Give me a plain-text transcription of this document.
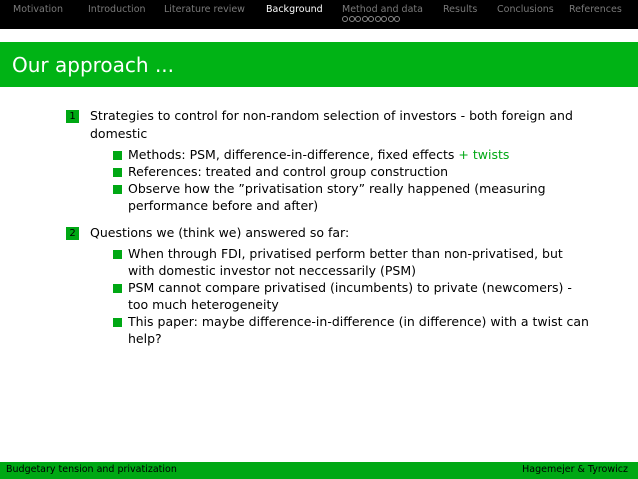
Motivation	Introduction Literature review Background Method and data Results Conclusions References
Our approach ...
1 Strategies to control for non-random selection of investors - both foreign and
domestic
Methods: PSM, difference-in-difference, fixed effects + twists
References: treated and control group construction
Observe how the ”privatisation story” really happened (measuring
performance before and after)
2 Questions we (think we) answered so far:
When through FDI, privatised perform better than non-privatised, but
with domestic investor not neccessarily (PSM)
PSM cannot compare privatised (incumbents) to private (newcomers) -
too much heterogeneity
This paper: maybe difference-in-difference (in difference) with a twist can
help?
Budgetary tension and privatization	Hagemejer & Tyrowicz
